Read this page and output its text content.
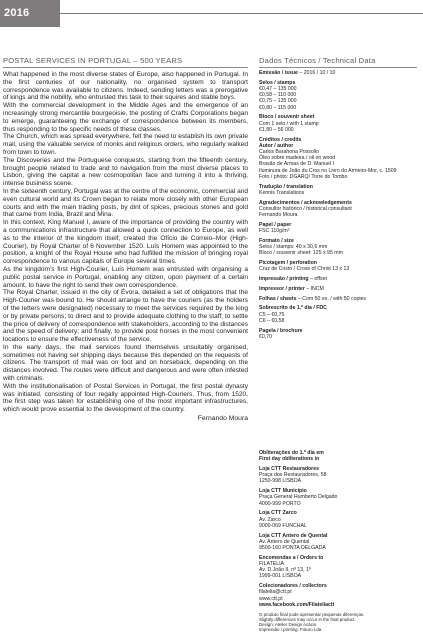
2016
POSTAL SERVICES IN PORTUGAL – 500 YEARS	Dados Técnicos / Technical Data

What happened in the most diverse states of Europe, also happened in Portugal. In the first centuries of our nationality, no organised system to transport correspondence was available to citizens. Indeed, sending letters was a prerogative of kings and the nobility, who entrusted this task to their squires and stable boys.

With the commercial development in the Middle Ages and the emergence of an increasingly strong mercantile bourgeoisie, the posting of Crafts Corporations began to emerge, guaranteeing the exchange of correspondence between its members, thus responding to the specific needs of these classes.

The Church, which was spread everywhere, felt the need to establish its own private mail, using the valuable service of monks and religious orders, who regularly walked from town to town.

The Discoveries and the Portuguese conquests, starting from the fifteenth century, brought people related to trade and to navigation from the most diverse places to Lisbon, giving the capital a new cosmopolitan face and turning it into a thriving, intense business scene.

In the sixteenth century, Portugal was at the centre of the economic, commercial and even cultural world and its Crown began to relate more closely with other European courts and with the main trading posts, by dint of spices, precious stones and gold that came from India, Brazil and Mina.

In this context, King Manuel I, aware of the importance of providing the country with a communications infrastructure that allowed a quick connection to Europe, as well as to the interior of the kingdom itself, created the Ofício de Correio–Mor (High-Courier), by Royal Charter of 6 November 1520. Luís Homem was appointed to the position, a knight of the Royal House who had fulfilled the mission of bringing royal correspondence to various capitals of Europe several times.

As the kingdom's first High-Courier, Luís Homem was entrusted with organising a public postal service in Portugal, enabling any citizen, upon payment of a certain amount, to have the right to send their own correspondence.

The Royal Charter, issued in the city of Évora, detailed a set of obligations that the High-Courier was bound to. He should arrange to have the couriers (as the holders of the letters were designated) necessary to meet the services required by the king or by private persons; to direct and to provide adequate clothing to the staff; to settle the price of delivery of correspondence with stakeholders, according to the distances and the speed of delivery; and finally, to provide post horses in the most convenient locations to ensure the effectiveness of the service.

In the early days, the mail services found themselves unsuitably organised, sometimes not having set shipping days because this depended on the requests of citizens. The transport of mail was on foot and on horseback, depending on the distances involved. The routes were difficult and dangerous and were often infested with criminals.

With the institutionalisation of Postal Services in Portugal, the first postal dynasty was initiated, consisting of four regally appointed High-Couriers. Thus, from 1520, the first step was taken for establishing one of the most important infrastructures, which would prove essential to the development of the country.

Fernando Moura
Emissão / issue – 2016 / 10 / 10
Selos / stamps
€0,47 – 135 000
€0,58 – 110 000
€0,75 – 135 000
€0,80 – 115 000
Bloco / souvenir sheet
Com 1 selo / with 1 stamp
€1,80 – 56 000
Créditos / credits
Autor / author
Carlos Barahona Possollo
Óleo sobre madeira / oil on wood
Brasão de Armas de D. Manuel I
Iluminura de João du Cros no Livro do Armeiro-Mor, c. 1509
Foto / photo: DGARQ/ Torre do Tombo
Tradução / translation
Kennis Translations
Agradecimentos / acknowledgements
Consultor histórico / historical consultant
Fernando Moura
Papel / paper
FSC 110g/m²
Formato / size
Selos / stamps: 40 x 30,6 mm
Bloco / souvenir sheet: 125 x 95 mm
Picotagem / perforation
Cruz de Cristo / Cross of Christ 13 x 13
Impressão / printing – offset
Impressor / printer – INCM
Folhas / sheets – Com 50 ex. / with 50 copies
Sobrescrito de 1.º dia / FDC
C5 – €0,75
C6 – €0,58
Pagela / brochure
€0,70
Obliterações do 1.º dia em
First day obliterations in
Loja CTT Restauradores
Praça dos Restauradores, 58
1250-998 LISBOA
Loja CTT Município
Praça General Humberto Delgado
4000-999 PORTO
Loja CTT Zarco
Av. Zarco
9000-069 FUNCHAL
Loja CTT Antero de Quental
Av. Antero de Quental
9500-160 PONTA DELGADA
Encomendas a / Orders to
FILATELIA
Av. D.João II, nº 13, 1º
1999-001 LISBOA
Colecionadores / collectors
filatelia@ctt.pt
www.ctt.pt
www.facebook.com/Filateliactt
O produto final pode apresentar pequenas diferenças.
Slightly differences may occur in the final product.
Design: Atelier Design Acácio
Impressão / printing: Futuro Lda
